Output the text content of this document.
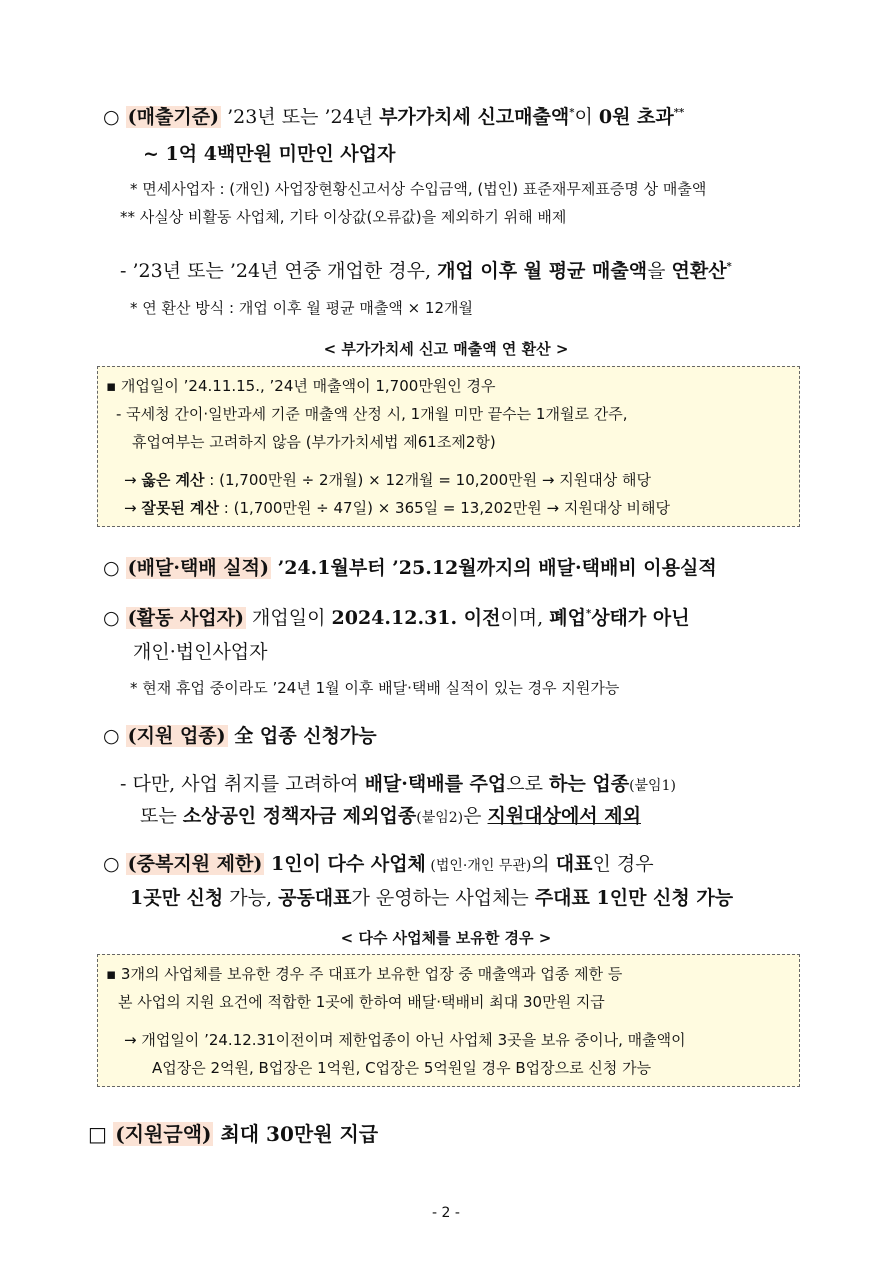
○ (매출기준) ’23년 또는 ’24년 부가가치세 신고매출액*이 0원 초과**
~ 1억 4백만원 미만인 사업자
* 면세사업자 : (개인) 사업장현황신고서상 수입금액, (법인) 표준재무제표증명 상 매출액
** 사실상 비활동 사업체, 기타 이상값(오류값)을 제외하기 위해 배제
- ’23년 또는 ’24년 연중 개업한 경우, 개업 이후 월 평균 매출액을 연환산*
* 연 환산 방식 : 개업 이후 월 평균 매출액 × 12개월
< 부가가치세 신고 매출액 연 환산 >
▪ 개업일이 ’24.11.15., ’24년 매출액이 1,700만원인 경우
- 국세청 간이·일반과세 기준 매출액 산정 시, 1개월 미만 끝수는 1개월로 간주,
휴업여부는 고려하지 않음 (부가가치세법 제61조제2항)
→ 옳은 계산 : (1,700만원 ÷ 2개월) × 12개월 = 10,200만원 → 지원대상 해당
→ 잘못된 계산 : (1,700만원 ÷ 47일) × 365일 = 13,202만원 → 지원대상 비해당
○ (배달·택배 실적) ’24.1월부터 ’25.12월까지의 배달·택배비 이용실적
○ (활동 사업자) 개업일이 2024.12.31. 이전이며, 폐업*상태가 아닌
개인·법인사업자
* 현재 휴업 중이라도 ’24년 1월 이후 배달·택배 실적이 있는 경우 지원가능
○ (지원 업종) 全 업종 신청가능
- 다만, 사업 취지를 고려하여 배달·택배를 주업으로 하는 업종(붙임1)
또는 소상공인 정책자금 제외업종(붙임2)은 지원대상에서 제외
○ (중복지원 제한) 1인이 다수 사업체 (법인·개인 무관)의 대표인 경우
1곳만 신청 가능, 공동대표가 운영하는 사업체는 주대표 1인만 신청 가능
< 다수 사업체를 보유한 경우 >
▪ 3개의 사업체를 보유한 경우 주 대표가 보유한 업장 중 매출액과 업종 제한 등
본 사업의 지원 요건에 적합한 1곳에 한하여 배달·택배비 최대 30만원 지급
→ 개업일이 ’24.12.31이전이며 제한업종이 아닌 사업체 3곳을 보유 중이나, 매출액이
A업장은 2억원, B업장은 1억원, C업장은 5억원일 경우 B업장으로 신청 가능
□ (지원금액) 최대 30만원 지급
- 2 -
